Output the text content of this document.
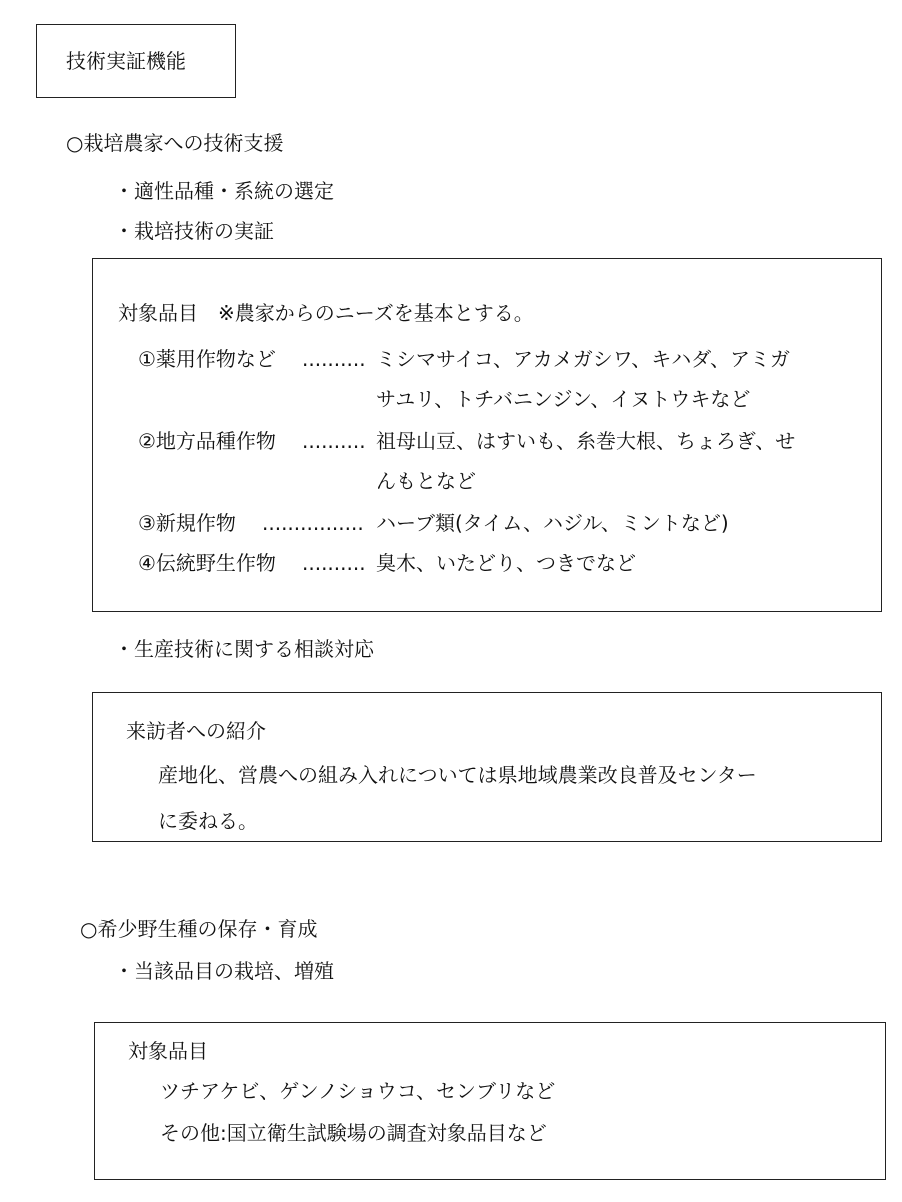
技術実証機能
○栽培農家への技術支援
・適性品種・系統の選定
・栽培技術の実証
対象品目　※農家からのニーズを基本とする。
①薬用作物など .......... ミシマサイコ、アカメガシワ、キハダ、アミガ
サユリ、トチバニンジン、イヌトウキなど
②地方品種作物 .......... 祖母山豆、はすいも、糸巻大根、ちょろぎ、せ
んもとなど
③新規作物 ................ ハーブ類(タイム、ハジル、ミントなど)
④伝統野生作物 .......... 臭木、いたどり、つきでなど
・生産技術に関する相談対応
来訪者への紹介
産地化、営農への組み入れについては県地域農業改良普及センター
に委ねる。
○希少野生種の保存・育成
・当該品目の栽培、増殖
対象品目
ツチアケビ、ゲンノショウコ、センブリなど
その他:国立衛生試験場の調査対象品目など
